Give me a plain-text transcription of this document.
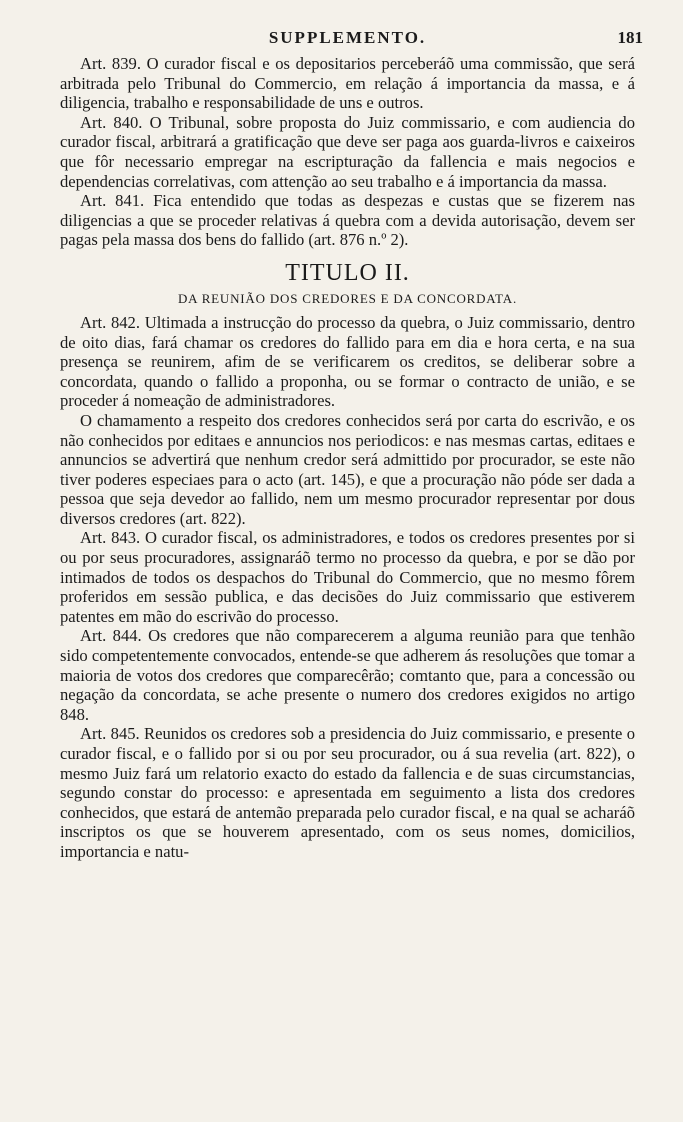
SUPPLEMENTO.	181

Art. 839. O curador fiscal e os depositarios perceberáõ uma commissão, que será arbitrada pelo Tribunal do Commercio, em relação á importancia da massa, e á diligencia, trabalho e responsabilidade de uns e outros.

Art. 840. O Tribunal, sobre proposta do Juiz commissario, e com audiencia do curador fiscal, arbitrará a gratificação que deve ser paga aos guarda-livros e caixeiros que fôr necessario empregar na escripturação da fallencia e mais negocios e dependencias correlativas, com attenção ao seu trabalho e á importancia da massa.

Art. 841. Fica entendido que todas as despezas e custas que se fizerem nas diligencias a que se proceder relativas á quebra com a devida autorisação, devem ser pagas pela massa dos bens do fallido (art. 876 n.º 2).

TITULO II.
DA REUNIÃO DOS CREDORES E DA CONCORDATA.

Art. 842. Ultimada a instrucção do processo da quebra, o Juiz commissario, dentro de oito dias, fará chamar os credores do fallido para em dia e hora certa, e na sua presença se reunirem, afim de se verificarem os creditos, se deliberar sobre a concordata, quando o fallido a proponha, ou se formar o contracto de união, e se proceder á nomeação de administradores.

O chamamento a respeito dos credores conhecidos será por carta do escrivão, e os não conhecidos por editaes e annuncios nos periodicos: e nas mesmas cartas, editaes e annuncios se advertirá que nenhum credor será admittido por procurador, se este não tiver poderes especiaes para o acto (art. 145), e que a procuração não póde ser dada a pessoa que seja devedor ao fallido, nem um mesmo procurador representar por dous diversos credores (art. 822).

Art. 843. O curador fiscal, os administradores, e todos os credores presentes por si ou por seus procuradores, assignaráõ termo no processo da quebra, e por se dão por intimados de todos os despachos do Tribunal do Commercio, que no mesmo fôrem proferidos em sessão publica, e das decisões do Juiz commissario que estiverem patentes em mão do escrivão do processo.

Art. 844. Os credores que não comparecerem a alguma reunião para que tenhão sido competentemente convocados, entende-se que adherem ás resoluções que tomar a maioria de votos dos credores que comparecêrão; comtanto que, para a concessão ou negação da concordata, se ache presente o numero dos credores exigidos no artigo 848.

Art. 845. Reunidos os credores sob a presidencia do Juiz commissario, e presente o curador fiscal, e o fallido por si ou por seu procurador, ou á sua revelia (art. 822), o mesmo Juiz fará um relatorio exacto do estado da fallencia e de suas circumstancias, segundo constar do processo: e apresentada em seguimento a lista dos credores conhecidos, que estará de antemão preparada pelo curador fiscal, e na qual se acharáõ inscriptos os que se houverem apresentado, com os seus nomes, domicilios, importancia e natu-
